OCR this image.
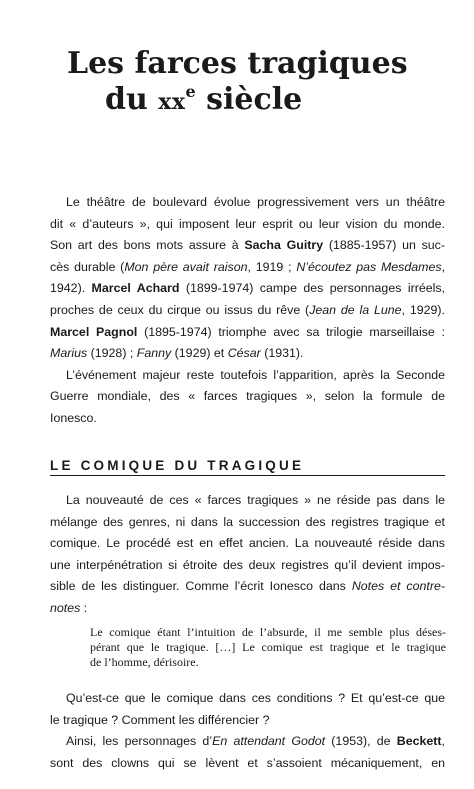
Les farces tragiques
du $xx^e$ siècle
Le théâtre de boulevard évolue progressivement vers un théâtre
dit « d’auteurs », qui imposent leur esprit ou leur vision du monde.
Son art des bons mots assure à Sacha Guitry (1885-1957) un suc-
cès durable (Mon père avait raison, 1919 ; N’écoutez pas Mesdames,
1942). Marcel Achard (1899-1974) campe des personnages irréels,
proches de ceux du cirque ou issus du rêve (Jean de la Lune, 1929).
Marcel Pagnol (1895-1974) triomphe avec sa trilogie marseillaise :
Marius (1928) ; Fanny (1929) et César (1931).
L’événement majeur reste toutefois l’apparition, après la Seconde
Guerre mondiale, des « farces tragiques », selon la formule de
Ionesco.
LE COMIQUE DU TRAGIQUE
La nouveauté de ces « farces tragiques » ne réside pas dans le
mélange des genres, ni dans la succession des registres tragique et
comique. Le procédé est en effet ancien. La nouveauté réside dans
une interpénétration si étroite des deux registres qu’il devient impos-
sible de les distinguer. Comme l’écrit Ionesco dans Notes et contre-
notes :
Le comique étant l’intuition de l’absurde, il me semble plus déses-
pérant que le tragique. […] Le comique est tragique et le tragique
de l’homme, dérisoire.
Qu’est-ce que le comique dans ces conditions ? Et qu’est-ce que
le tragique ? Comment les différencier ?
Ainsi, les personnages d’En attendant Godot (1953), de Beckett,
sont des clowns qui se lèvent et s’assoient mécaniquement, en
